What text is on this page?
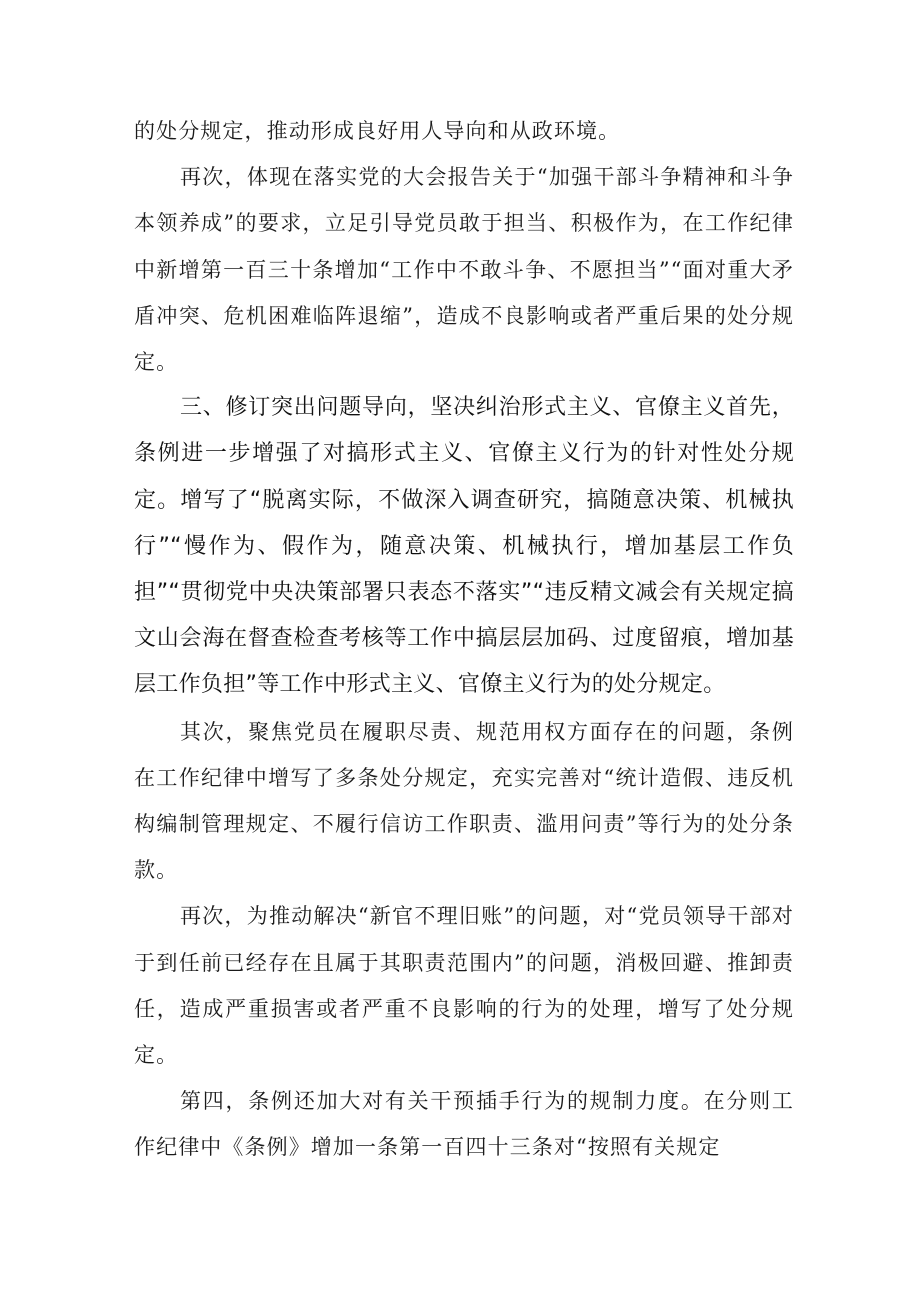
的处分规定，推动形成良好用人导向和从政环境。

再次，体现在落实党的大会报告关于“加强干部斗争精神和斗争本领养成”的要求，立足引导党员敢于担当、积极作为，在工作纪律中新增第一百三十条增加“工作中不敢斗争、不愿担当”“面对重大矛盾冲突、危机困难临阵退缩”，造成不良影响或者严重后果的处分规定。

三、修订突出问题导向，坚决纠治形式主义、官僚主义首先，条例进一步增强了对搞形式主义、官僚主义行为的针对性处分规定。增写了“脱离实际，不做深入调查研究，搞随意决策、机械执行”“慢作为、假作为，随意决策、机械执行，增加基层工作负担”“贯彻党中央决策部署只表态不落实”“违反精文减会有关规定搞文山会海在督查检查考核等工作中搞层层加码、过度留痕，增加基层工作负担”等工作中形式主义、官僚主义行为的处分规定。

其次，聚焦党员在履职尽责、规范用权方面存在的问题，条例在工作纪律中增写了多条处分规定，充实完善对“统计造假、违反机构编制管理规定、不履行信访工作职责、滥用问责”等行为的处分条款。

再次，为推动解决“新官不理旧账”的问题，对“党员领导干部对于到任前已经存在且属于其职责范围内”的问题，消极回避、推卸责任，造成严重损害或者严重不良影响的行为的处理，增写了处分规定。

第四，条例还加大对有关干预插手行为的规制力度。在分则工作纪律中《条例》增加一条第一百四十三条对“按照有关规定
